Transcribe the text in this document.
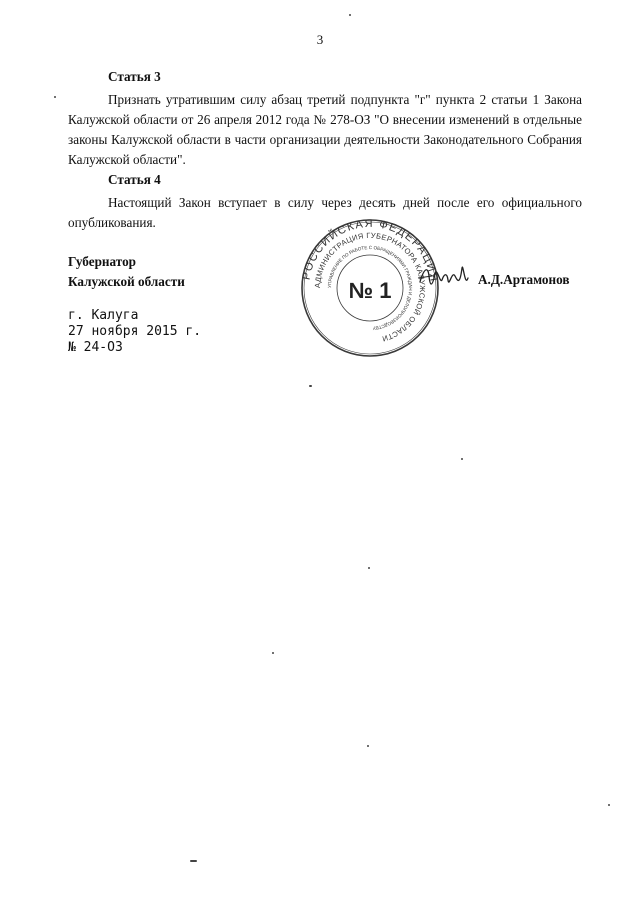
3
Статья 3
Признать утратившим силу абзац третий подпункта "г" пункта 2 статьи 1 Закона Калужской области от 26 апреля 2012 года № 278-ОЗ "О внесении изменений в отдельные законы Калужской области в части организации деятельности Законодательного Собрания Калужской области".
Статья 4
Настоящий Закон вступает в силу через десять дней после его официального опубликования.
Губернатор
Калужской области	А.Д.Артамонов
РОССИЙСКАЯ ФЕДЕРАЦИЯ
АДМИНИСТРАЦИЯ ГУБЕРНАТОРА КАЛУЖСКОЙ ОБЛАСТИ
УПРАВЛЕНИЕ ПО РАБОТЕ С ОБРАЩЕНИЯМИ ГРАЖДАН И ДЕЛОПРОИЗВОДСТВУ
№ 1
г. Калуга
27 ноября 2015 г.
№ 24-ОЗ
